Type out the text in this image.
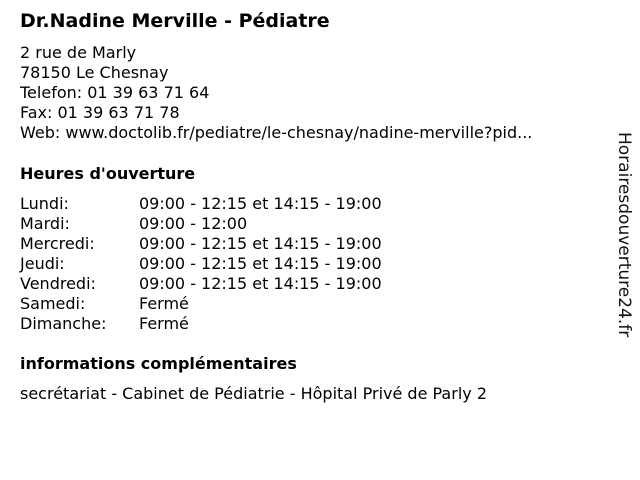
Dr.Nadine Merville - Pédiatre
2 rue de Marly
78150 Le Chesnay
Telefon: 01 39 63 71 64
Fax: 01 39 63 71 78
Web: www.doctolib.fr/pediatre/le-chesnay/nadine-merville?pid...
Heures d'ouverture
Lundi:	09:00 - 12:15 et 14:15 - 19:00
Mardi:	09:00 - 12:00
Mercredi:	09:00 - 12:15 et 14:15 - 19:00
Jeudi:	09:00 - 12:15 et 14:15 - 19:00
Vendredi:	09:00 - 12:15 et 14:15 - 19:00
Samedi:	Fermé
Dimanche:	Fermé
informations complémentaires
secrétariat - Cabinet de Pédiatrie - Hôpital Privé de Parly 2
Horairesdouverture24.fr
